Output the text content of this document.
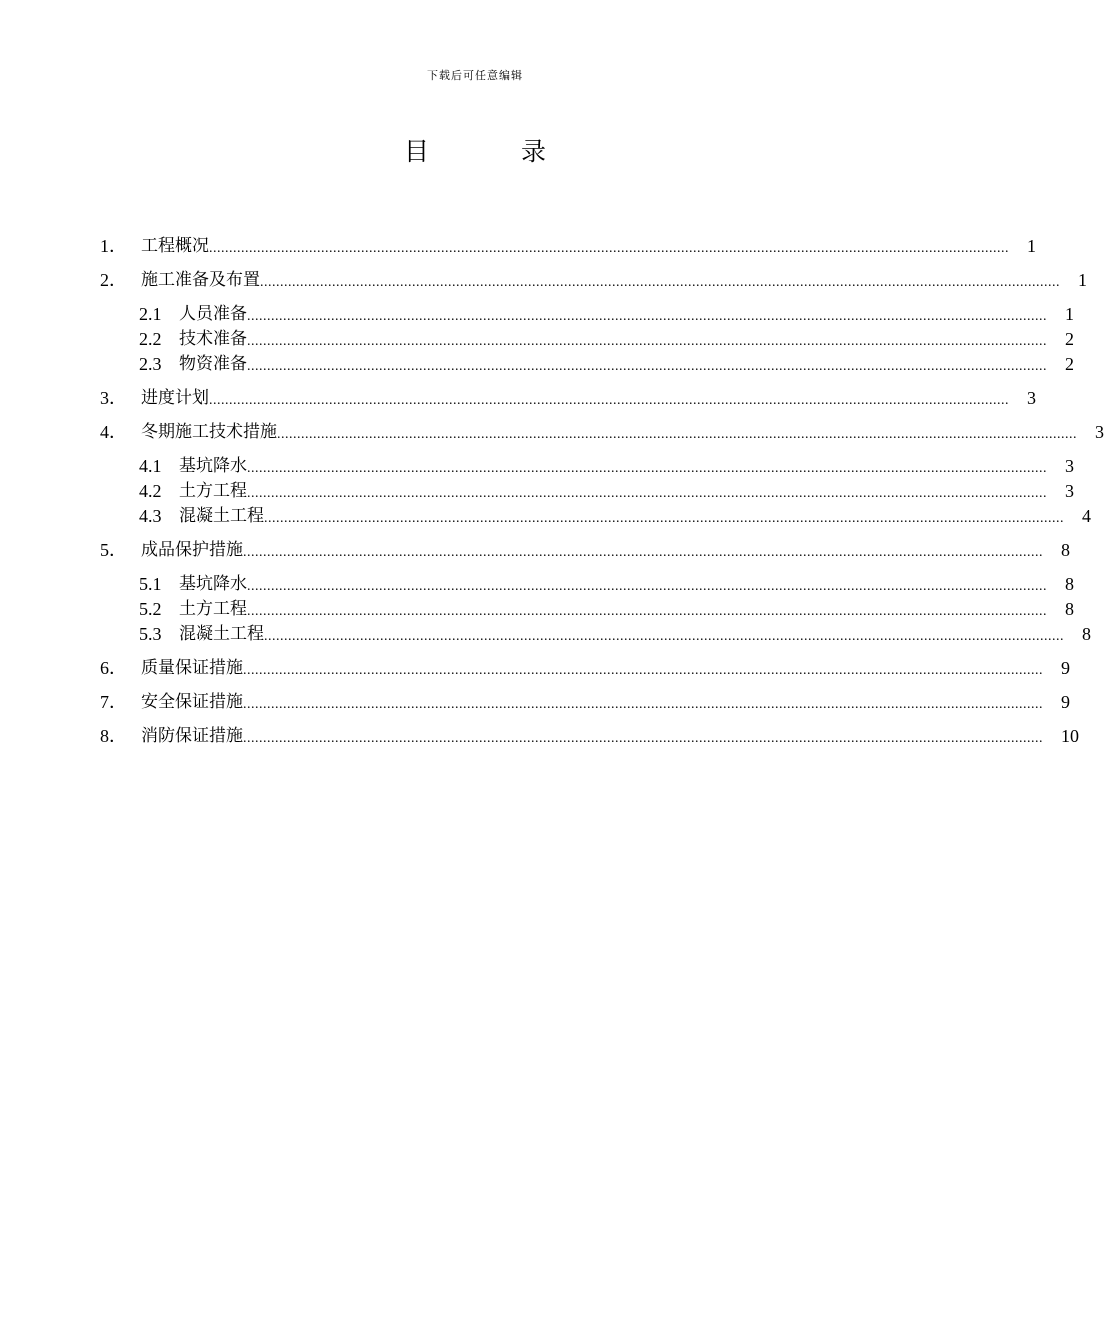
下载后可任意编辑
目	录
1． 工程概况 ........................................................................................................................................................................................................ 1
2． 施工准备及布置 ........................................................................................................................................................................................................ 1
2.1	人员准备 ........................................................................................................................................................................................................ 1
2.2	技术准备 ........................................................................................................................................................................................................ 2
2.3	物资准备 ........................................................................................................................................................................................................ 2
3． 进度计划 ........................................................................................................................................................................................................ 3
4． 冬期施工技术措施 ........................................................................................................................................................................................................ 3
4.1	基坑降水 ........................................................................................................................................................................................................ 3
4.2	土方工程 ........................................................................................................................................................................................................ 3
4.3	混凝土工程 ........................................................................................................................................................................................................ 4
5． 成品保护措施 ........................................................................................................................................................................................................ 8
5.1	基坑降水 ........................................................................................................................................................................................................ 8
5.2	土方工程 ........................................................................................................................................................................................................ 8
5.3	混凝土工程 ........................................................................................................................................................................................................ 8
6． 质量保证措施 ........................................................................................................................................................................................................ 9
7． 安全保证措施 ........................................................................................................................................................................................................ 9
8． 消防保证措施 ........................................................................................................................................................................................................ 10
